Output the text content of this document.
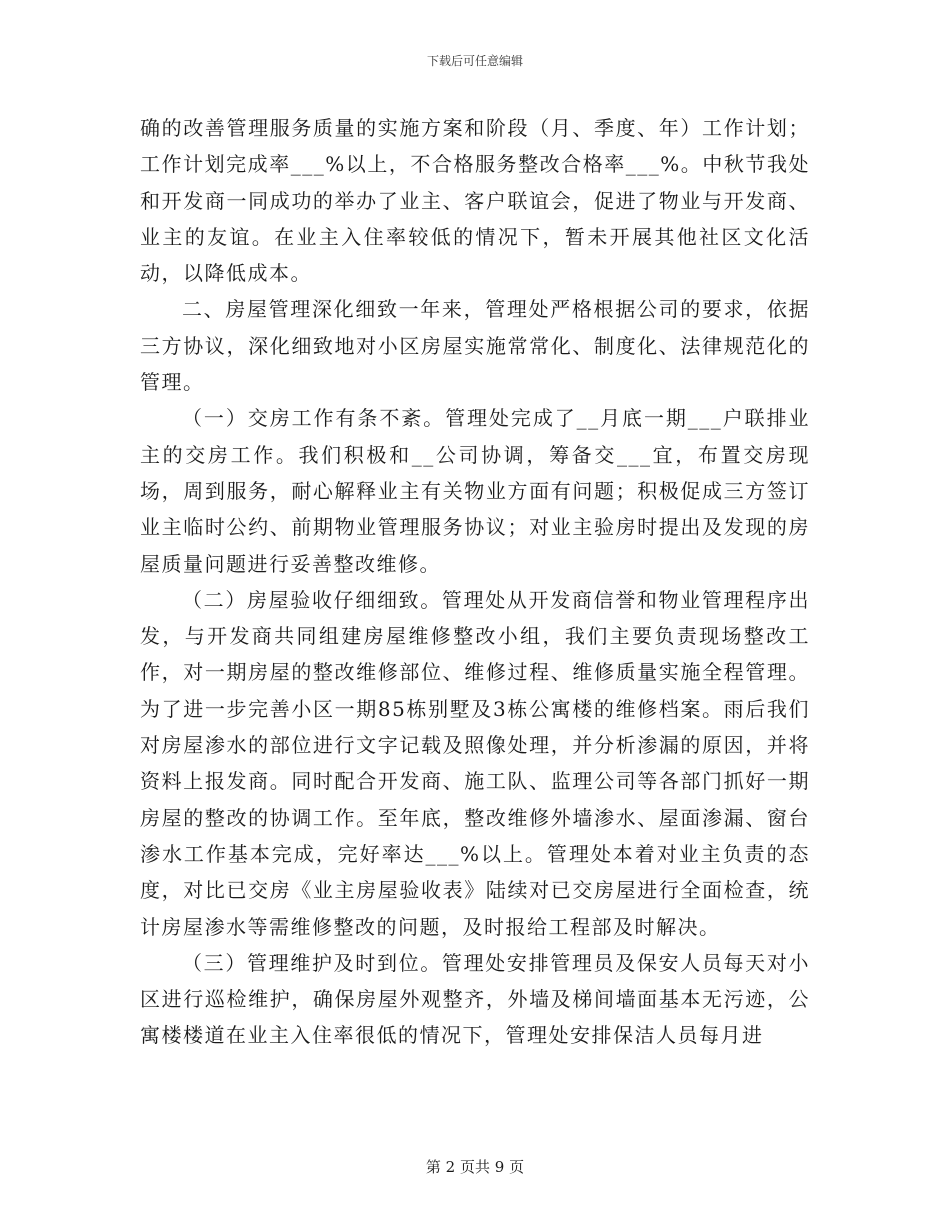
下载后可任意编辑

确的改善管理服务质量的实施方案和阶段（月、季度、年）工作计划；工作计划完成率___%以上，不合格服务整改合格率___%。中秋节我处和开发商一同成功的举办了业主、客户联谊会，促进了物业与开发商、业主的友谊。在业主入住率较低的情况下，暂未开展其他社区文化活动，以降低成本。

二、房屋管理深化细致一年来，管理处严格根据公司的要求，依据三方协议，深化细致地对小区房屋实施常常化、制度化、法律规范化的管理。

（一）交房工作有条不紊。管理处完成了__月底一期___户联排业主的交房工作。我们积极和__公司协调，筹备交___宜，布置交房现场，周到服务，耐心解释业主有关物业方面有问题；积极促成三方签订业主临时公约、前期物业管理服务协议；对业主验房时提出及发现的房屋质量问题进行妥善整改维修。

（二）房屋验收仔细细致。管理处从开发商信誉和物业管理程序出发，与开发商共同组建房屋维修整改小组，我们主要负责现场整改工作，对一期房屋的整改维修部位、维修过程、维修质量实施全程管理。为了进一步完善小区一期85栋别墅及3栋公寓楼的维修档案。雨后我们对房屋渗水的部位进行文字记载及照像处理，并分析渗漏的原因，并将资料上报发商。同时配合开发商、施工队、监理公司等各部门抓好一期房屋的整改的协调工作。至年底，整改维修外墙渗水、屋面渗漏、窗台渗水工作基本完成，完好率达___%以上。管理处本着对业主负责的态度，对比已交房《业主房屋验收表》陆续对已交房屋进行全面检查，统计房屋渗水等需维修整改的问题，及时报给工程部及时解决。

（三）管理维护及时到位。管理处安排管理员及保安人员每天对小区进行巡检维护，确保房屋外观整齐，外墙及梯间墙面基本无污迹，公寓楼楼道在业主入住率很低的情况下，管理处安排保洁人员每月进

第 2 页共 9 页
